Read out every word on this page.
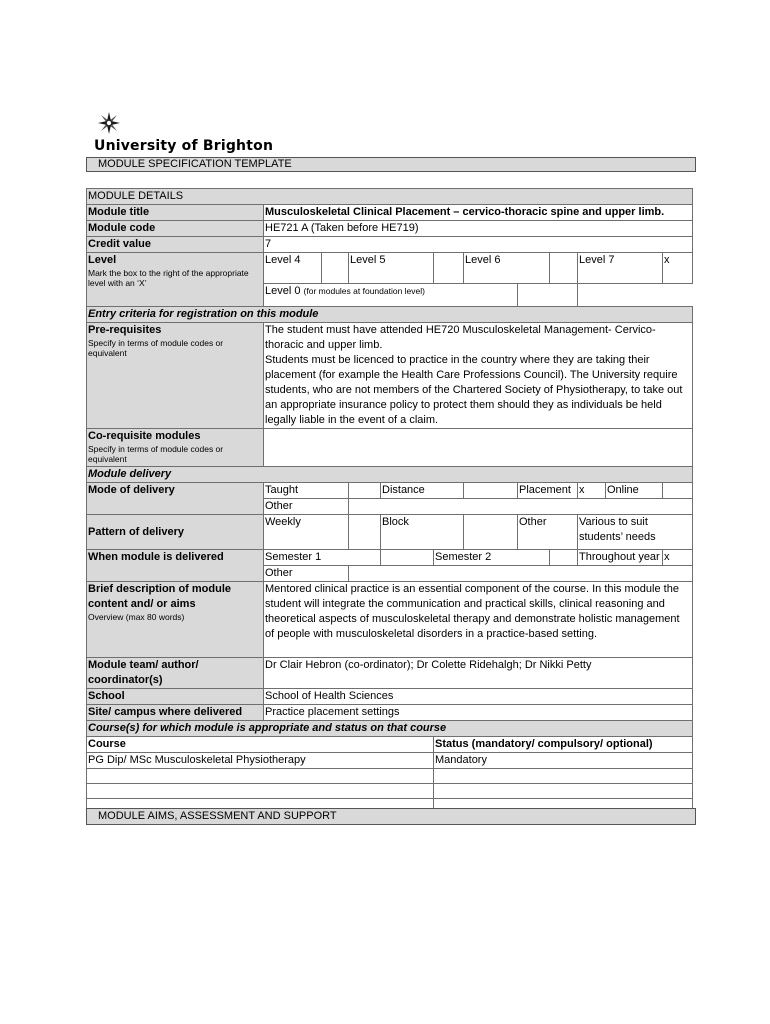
University of Brighton
MODULE SPECIFICATION TEMPLATE
MODULE DETAILS												
Module title	Musculoskeletal Clinical Placement – cervico-thoracic spine and upper limb.											
Module code	HE721 A (Taken before HE719)											
Credit value	7											
Level
Mark the box to the right of the appropriate level with an ‘X’	Level 4		Level 5			Level 6			Level 7		x	
	Level 0 (for modules at foundation level)											
Entry criteria for registration on this module												
Pre-requisites
Specify in terms of module codes or equivalent	The student must have attended HE720 Musculoskeletal Management- Cervico-thoracic and upper limb.
Students must be licenced to practice in the country where they are taking their placement (for example the Health Care Professions Council). The University require students, who are not members of the Chartered Society of Physiotherapy, to take out an appropriate insurance policy to protect them should they as individuals be held legally liable in the event of a claim.											
Co-requisite modules
Specify in terms of module codes or equivalent												

Module delivery												
Mode of delivery	Taught			Distance			Placement		x	Online		
	Other											
Pattern of delivery	Weekly			Block			Other		Various to suit students’ needs			
When module is delivered	Semester 1				Semester 2				Throughout year		x	
	Other											
Brief description of module content and/ or aims
Overview (max 80 words)	Mentored clinical practice is an essential component of the course. In this module the student will integrate the communication and practical skills, clinical reasoning and theoretical aspects of musculoskeletal therapy and demonstrate holistic management of people with musculoskeletal disorders in a practice-based setting.											
Module team/ author/ coordinator(s)	Dr Clair Hebron (co-ordinator); Dr Colette Ridehalgh; Dr Nikki Petty											
School	School of Health Sciences											
Site/ campus where delivered	Practice placement settings											
Course(s) for which module is appropriate and status on that course												
Course					Status (mandatory/ compulsory/ optional)							
PG Dip/ MSc Musculoskeletal Physiotherapy					Mandatory							

MODULE AIMS, ASSESSMENT AND SUPPORT
